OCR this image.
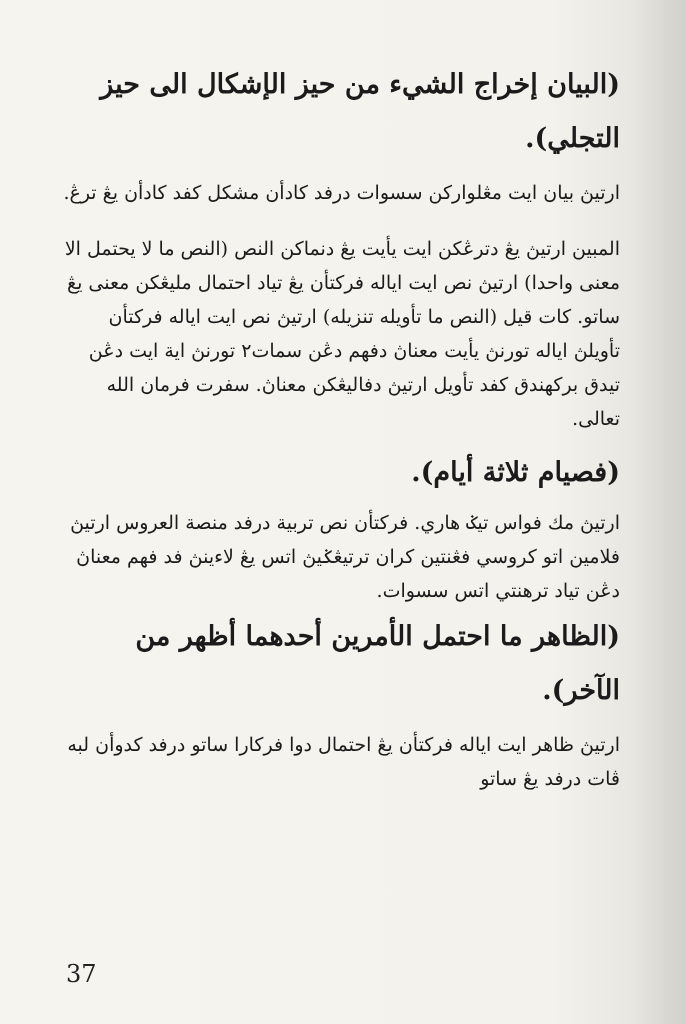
(البيان إخراج الشيء من حيز الإشكال الى حيز التجلي).

ارتيڽ بيان ايت مڠلواركن سسوات درفد كادأن مشكل كفد كادأن يڠ ترڠ.

المبين ارتيڽ يڠ دترڠكن ايت يأيت يڠ دنماكن النص (النص ما لا يحتمل الا معنى واحدا) ارتيڽ نص ايت اياله فركتأن يڠ تياد احتمال مليڠكن معنى يڠ ساتو. كات قيل (النص ما تأويله تنزيله) ارتيڽ نص ايت اياله فركتأن تأويلڽ اياله تورنڽ يأيت معناڽ دفهم دڠن سمات٢ تورنڽ اية ايت دڠن تيدق بركهندق كفد تأويل ارتيڽ دفاليڠكن معناڽ. سفرت فرمان الله تعالى.

(فصيام ثلاثة أيام).

ارتيڽ مك فواس تيݢ هاري. فركتأن نص تربية درفد منصة العروس ارتيڽ فلامين اتو كروسي فڠنتين كران ترتيڠݢيڽ اتس يڠ لاءينڽ فد فهم معناڽ دڠن تياد ترهنتي اتس سسوات.

(الظاهر ما احتمل الأمرين أحدهما أظهر من الآخر).

ارتيڽ ظاهر ايت اياله فركتأن يڠ احتمال دوا فركارا ساتو درفد كدوأن لبه ڤات درفد يڠ ساتو

37
